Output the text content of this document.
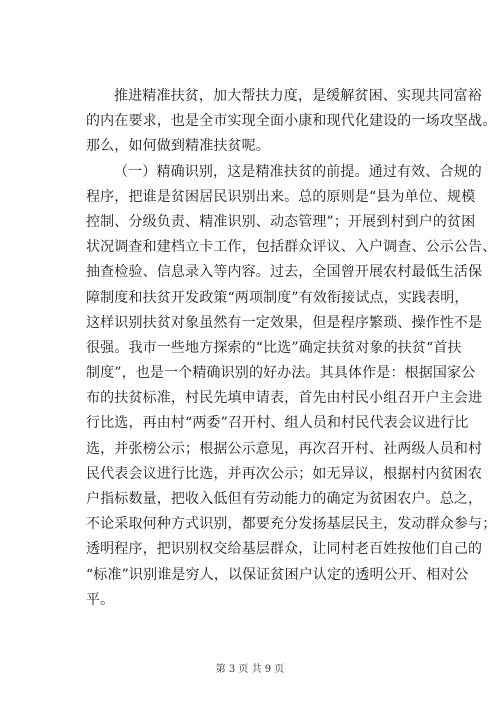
推进精准扶贫，加大帮扶力度，是缓解贫困、实现共同富裕
的内在要求，也是全市实现全面小康和现代化建设的一场攻坚战。
那么，如何做到精准扶贫呢。
（一）精确识别，这是精准扶贫的前提。通过有效、合规的
程序，把谁是贫困居民识别出来。总的原则是“县为单位、规模
控制、分级负责、精准识别、动态管理”；开展到村到户的贫困
状况调查和建档立卡工作，包括群众评议、入户调查、公示公告、
抽查检验、信息录入等内容。过去，全国曾开展农村最低生活保
障制度和扶贫开发政策“两项制度”有效衔接试点，实践表明，
这样识别扶贫对象虽然有一定效果，但是程序繁琐、操作性不是
很强。我市一些地方探索的“比选”确定扶贫对象的扶贫“首扶
制度”，也是一个精确识别的好办法。其具体作是：根据国家公
布的扶贫标准，村民先填申请表，首先由村民小组召开户主会进
行比选，再由村“两委”召开村、组人员和村民代表会议进行比
选，并张榜公示；根据公示意见，再次召开村、社两级人员和村
民代表会议进行比选，并再次公示；如无异议，根据村内贫困农
户指标数量，把收入低但有劳动能力的确定为贫困农户。总之，
不论采取何种方式识别，都要充分发扬基层民主，发动群众参与；
透明程序，把识别权交给基层群众，让同村老百姓按他们自己的
“标准”识别谁是穷人，以保证贫困户认定的透明公开、相对公
平。
第 3 页 共 9 页
